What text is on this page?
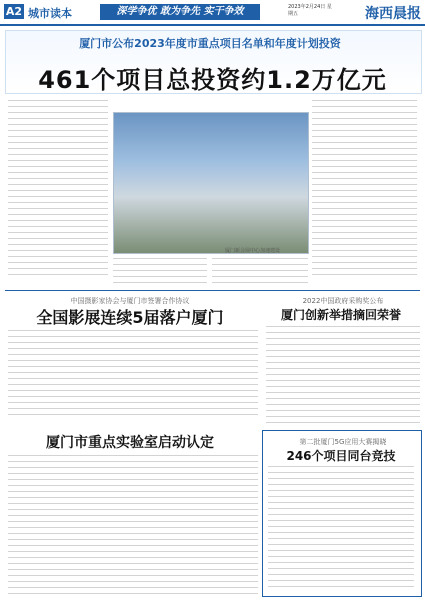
A2 城市读本	深学争优 敢为争先 实干争效	2023年2月24日 星期五	海西晨报
厦门市公布2023年度市重点项目名单和年度计划投资
461个项目总投资约1.2万亿元
厦门新会展中心加速建设
中国摄影家协会与厦门市签署合作协议
全国影展连续5届落户厦门
2022中国政府采购奖公布
厦门创新举措摘回荣誉
厦门市重点实验室启动认定	第二批厦门5G应用大赛揭晓
246个项目同台竞技
